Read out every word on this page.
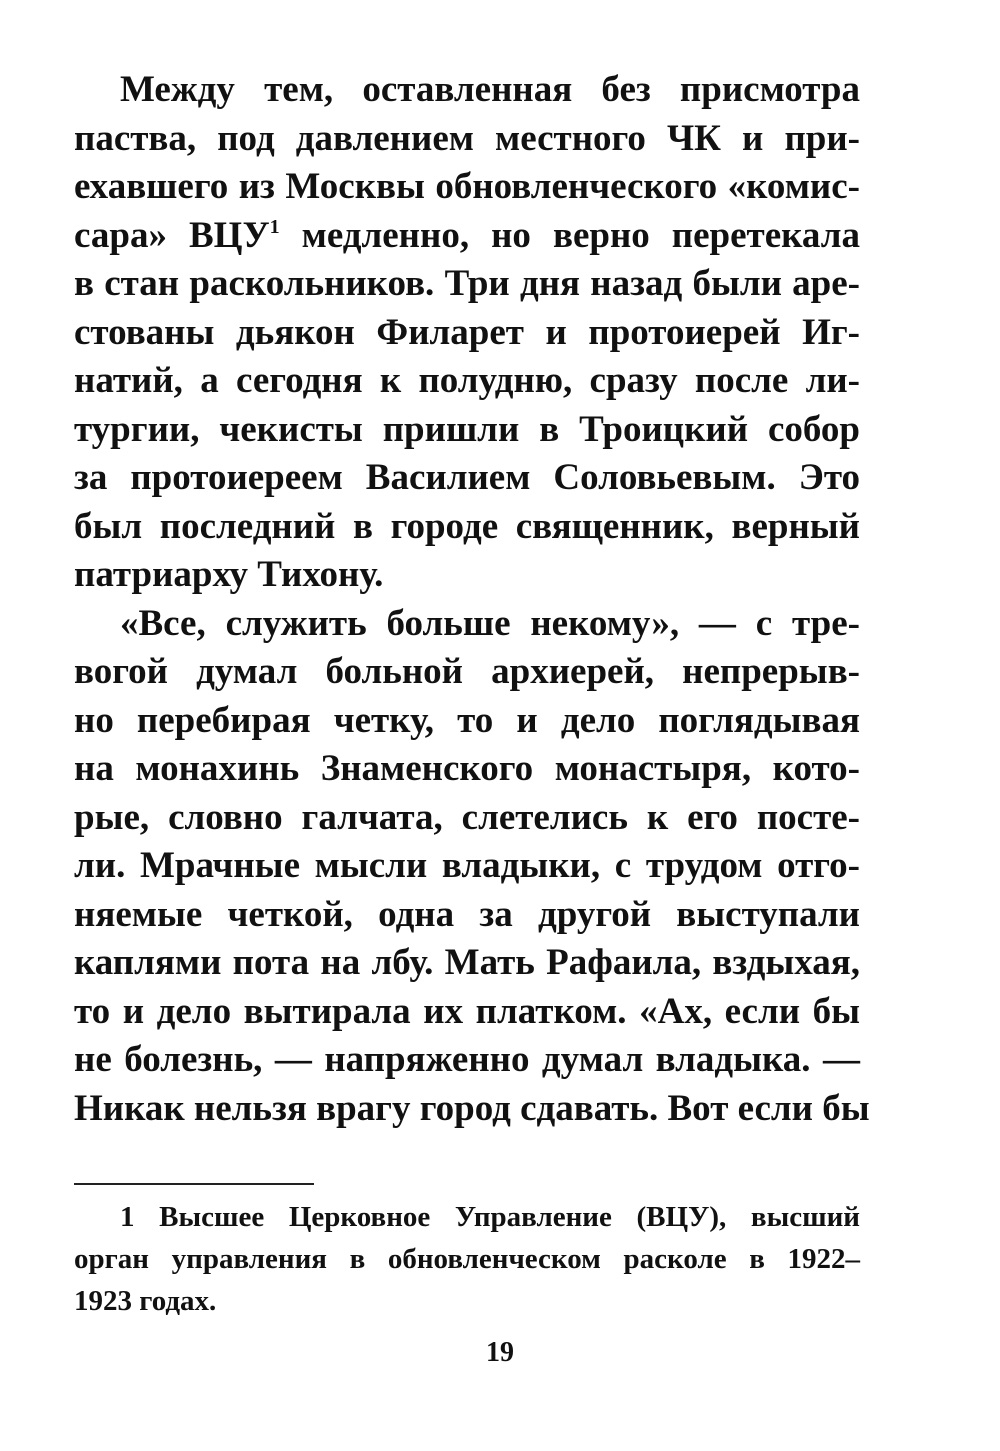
Между тем, оставленная без присмотра
паства, под давлением местного ЧК и при-
ехавшего из Москвы обновленческого «комис-
сара» ВЦУ$^1$ медленно, но верно перетекала
в стан раскольников. Три дня назад были аре-
стованы дьякон Филарет и протоиерей Иг-
натий, а сегодня к полудню, сразу после ли-
тургии, чекисты пришли в Троицкий собор
за протоиереем Василием Соловьевым. Это
был последний в городе священник, верный
патриарху Тихону.
«Все, служить больше некому», — с тре-
вогой думал больной архиерей, непрерыв-
но перебирая четку, то и дело поглядывая
на монахинь Знаменского монастыря, кото-
рые, словно галчата, слетелись к его посте-
ли. Мрачные мысли владыки, с трудом отго-
няемые четкой, одна за другой выступали
каплями пота на лбу. Мать Рафаила, вздыхая,
то и дело вытирала их платком. «Ах, если бы
не болезнь, — напряженно думал владыка. —
Никак нельзя врагу город сдавать. Вот если бы
1 Высшее Церковное Управление (ВЦУ), высший
орган управления в обновленческом расколе в 1922–
1923 годах.
19
